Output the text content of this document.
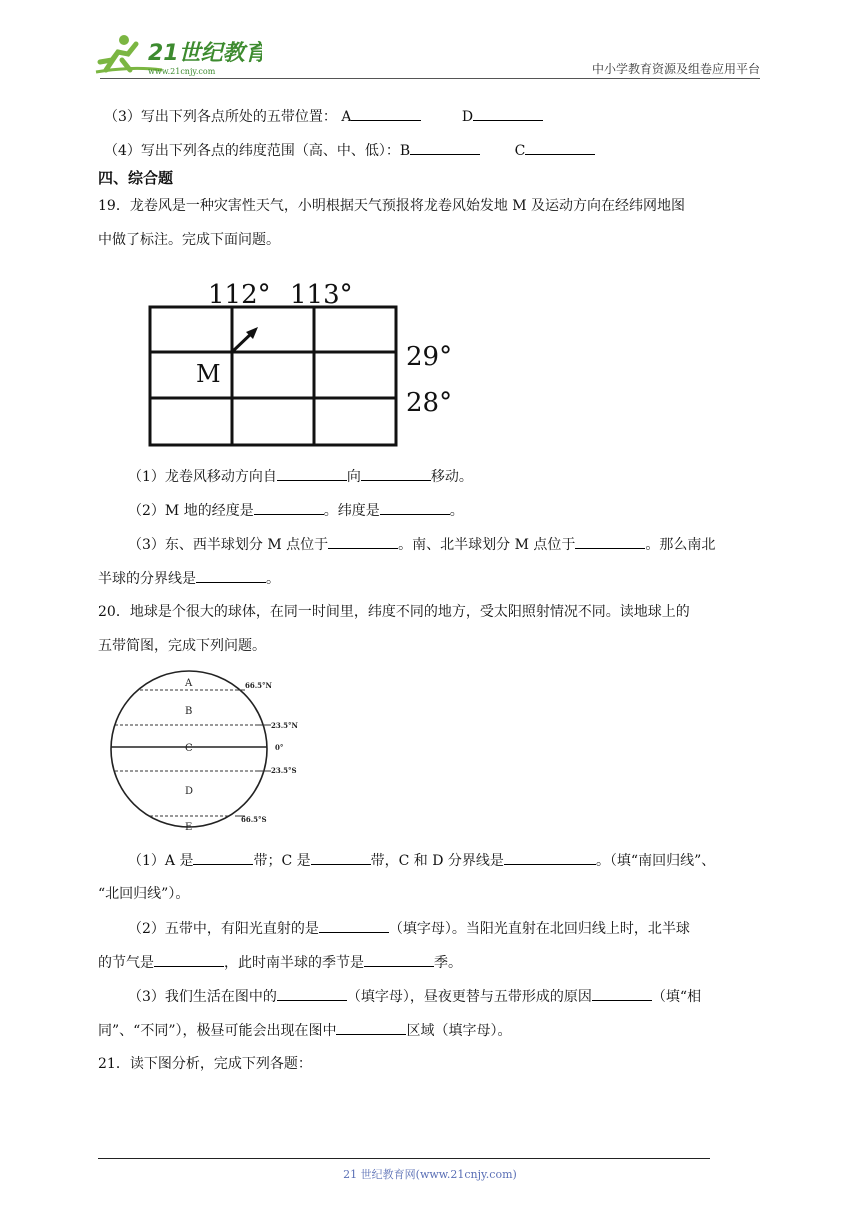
21世纪教育
www.21cnjy.com	中小学教育资源及组卷应用平台
（3）写出下列各点所处的五带位置： A	D
（4）写出下列各点的纬度范围（高、中、低）：B	C
四、综合题
19．龙卷风是一种灾害性天气，小明根据天气预报将龙卷风始发地 M 及运动方向在经纬网地图
中做了标注。完成下面问题。
112° 113°
M
29°
28°
（1）龙卷风移动方向自	向	移动。
（2）M 地的经度是	。纬度是	。
（3）东、西半球划分 M 点位于	。南、北半球划分 M 点位于	。那么南北
半球的分界线是	。
20．地球是个很大的球体，在同一时间里，纬度不同的地方，受太阳照射情况不同。读地球上的
五带简图，完成下列问题。
A
B
C
D
E
66.5°N
23.5°N
0°
23.5°S
66.5°S
（1）A 是	带；C 是	带，C 和 D 分界线是	。（填“南回归线”、
“北回归线”）。
（2）五带中，有阳光直射的是	（填字母）。当阳光直射在北回归线上时，北半球
的节气是	，此时南半球的季节是	季。
（3）我们生活在图中的	（填字母），昼夜更替与五带形成的原因	（填“相
同”、“不同”），极昼可能会出现在图中	区域（填字母）。
21．读下图分析，完成下列各题：
21 世纪教育网(www.21cnjy.com)
